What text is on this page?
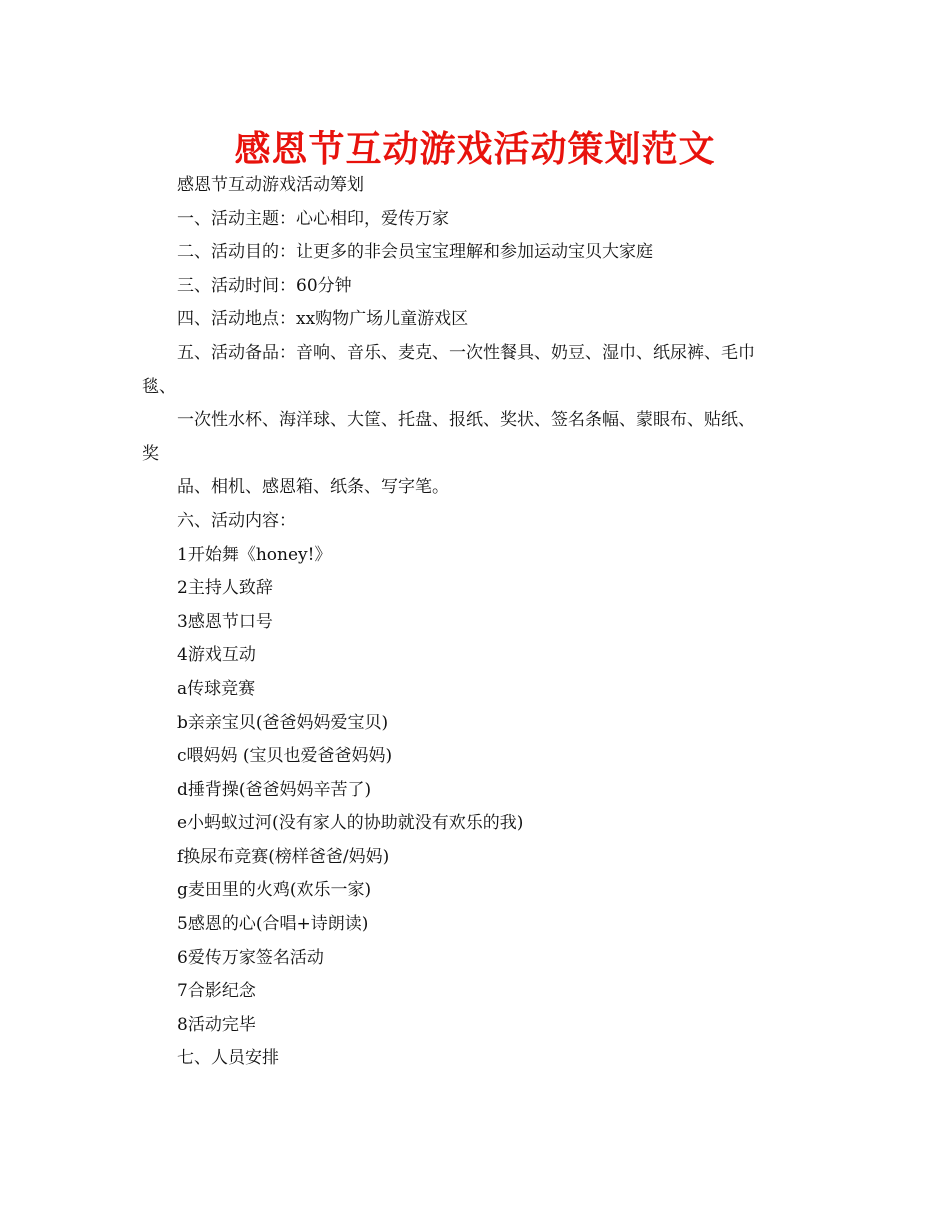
感恩节互动游戏活动策划范文
感恩节互动游戏活动筹划
一、活动主题：心心相印，爱传万家
二、活动目的：让更多的非会员宝宝理解和参加运动宝贝大家庭
三、活动时间：60分钟
四、活动地点：xx购物广场儿童游戏区
五、活动备品：音响、音乐、麦克、一次性餐具、奶豆、湿巾、纸尿裤、毛巾
毯、
一次性水杯、海洋球、大筐、托盘、报纸、奖状、签名条幅、蒙眼布、贴纸、
奖
品、相机、感恩箱、纸条、写字笔。
六、活动内容：
1开始舞《honey!》
2主持人致辞
3感恩节口号
4游戏互动
a传球竞赛
b亲亲宝贝(爸爸妈妈爱宝贝)
c喂妈妈 (宝贝也爱爸爸妈妈)
d捶背操(爸爸妈妈辛苦了)
e小蚂蚁过河(没有家人的协助就没有欢乐的我)
f换尿布竞赛(榜样爸爸/妈妈)
g麦田里的火鸡(欢乐一家)
5感恩的心(合唱+诗朗读)
6爱传万家签名活动
7合影纪念
8活动完毕
七、人员安排
